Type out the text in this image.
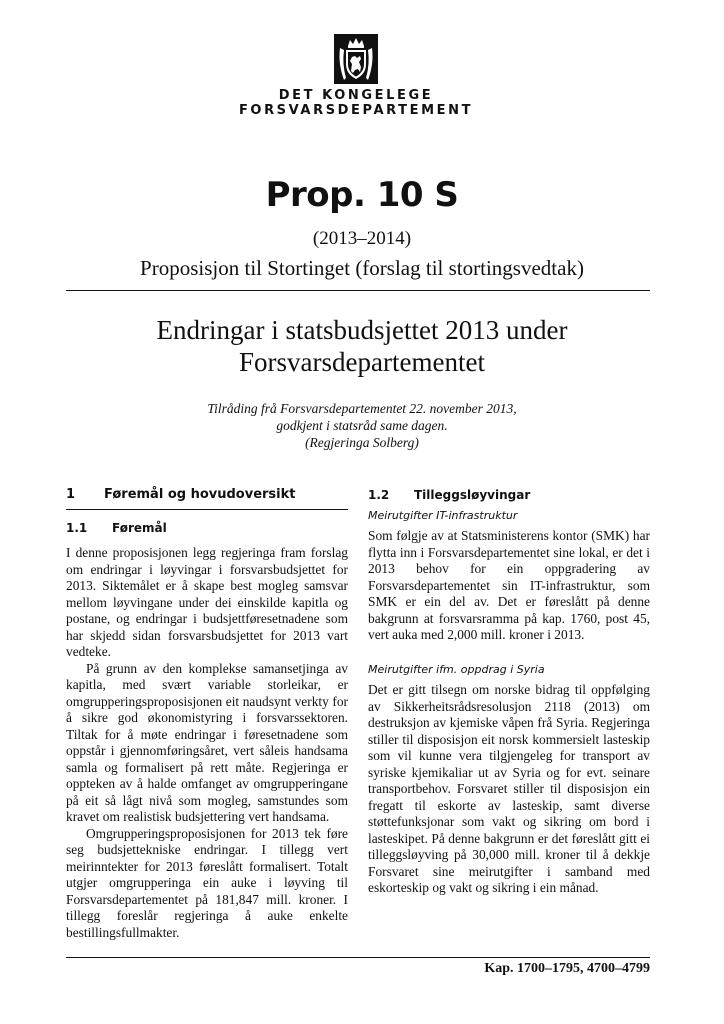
DET KONGELEGE
FORSVARSDEPARTEMENT
Prop. 10 S
(2013–2014)
Proposisjon til Stortinget (forslag til stortingsvedtak)
Endringar i statsbudsjettet 2013 under
Forsvarsdepartementet
Tilråding frå Forsvarsdepartementet 22. november 2013,
godkjent i statsråd same dagen.
(Regjeringa Solberg)
1	Føremål og hovudoversikt
1.1	Føremål

I denne proposisjonen legg regjeringa fram forslag om endringar i løyvingar i forsvarsbudsjettet for 2013. Siktemålet er å skape best mogleg samsvar mellom løyvingane under dei einskilde kapitla og postane, og endringar i budsjettføresetnadene som har skjedd sidan forsvarsbudsjettet for 2013 vart vedteke.

På grunn av den komplekse samansetjinga av kapitla, med svært variable storleikar, er omgrupperingsproposisjonen eit naudsynt verkty for å sikre god økonomistyring i forsvarssektoren. Tiltak for å møte endringar i føresetnadene som oppstår i gjennomføringsåret, vert såleis handsama samla og formalisert på rett måte. Regjeringa er oppteken av å halde omfanget av omgrupperingane på eit så lågt nivå som mogleg, samstundes som kravet om realistisk budsjettering vert handsama.

Omgrupperingsproposisjonen for 2013 tek føre seg budsjettekniske endringar. I tillegg vert meirinntekter for 2013 føreslått formalisert. Totalt utgjer omgrupperinga ein auke i løyving til Forsvarsdepartementet på 181,847 mill. kroner. I tillegg foreslår regjeringa å auke enkelte bestillingsfullmakter.

1.2	Tilleggsløyvingar
Meirutgifter IT-infrastruktur

Som følgje av at Statsministerens kontor (SMK) har flytta inn i Forsvarsdepartementet sine lokal, er det i 2013 behov for ein oppgradering av Forsvarsdepartementet sin IT-infrastruktur, som SMK er ein del av. Det er føreslått på denne bakgrunn at forsvarsramma på kap. 1760, post 45, vert auka med 2,000 mill. kroner i 2013.

Meirutgifter ifm. oppdrag i Syria

Det er gitt tilsegn om norske bidrag til oppfølging av Sikkerheitsrådsresolusjon 2118 (2013) om destruksjon av kjemiske våpen frå Syria. Regjeringa stiller til disposisjon eit norsk kommersielt lasteskip som vil kunne vera tilgjengeleg for transport av syriske kjemikaliar ut av Syria og for evt. seinare transportbehov. Forsvaret stiller til disposisjon ein fregatt til eskorte av lasteskip, samt diverse støttefunksjonar som vakt og sikring om bord i lasteskipet. På denne bakgrunn er det føreslått gitt ei tilleggsløyving på 30,000 mill. kroner til å dekkje Forsvaret sine meirutgifter i samband med eskorteskip og vakt og sikring i ein månad.

Kap. 1700–1795, 4700–4799
